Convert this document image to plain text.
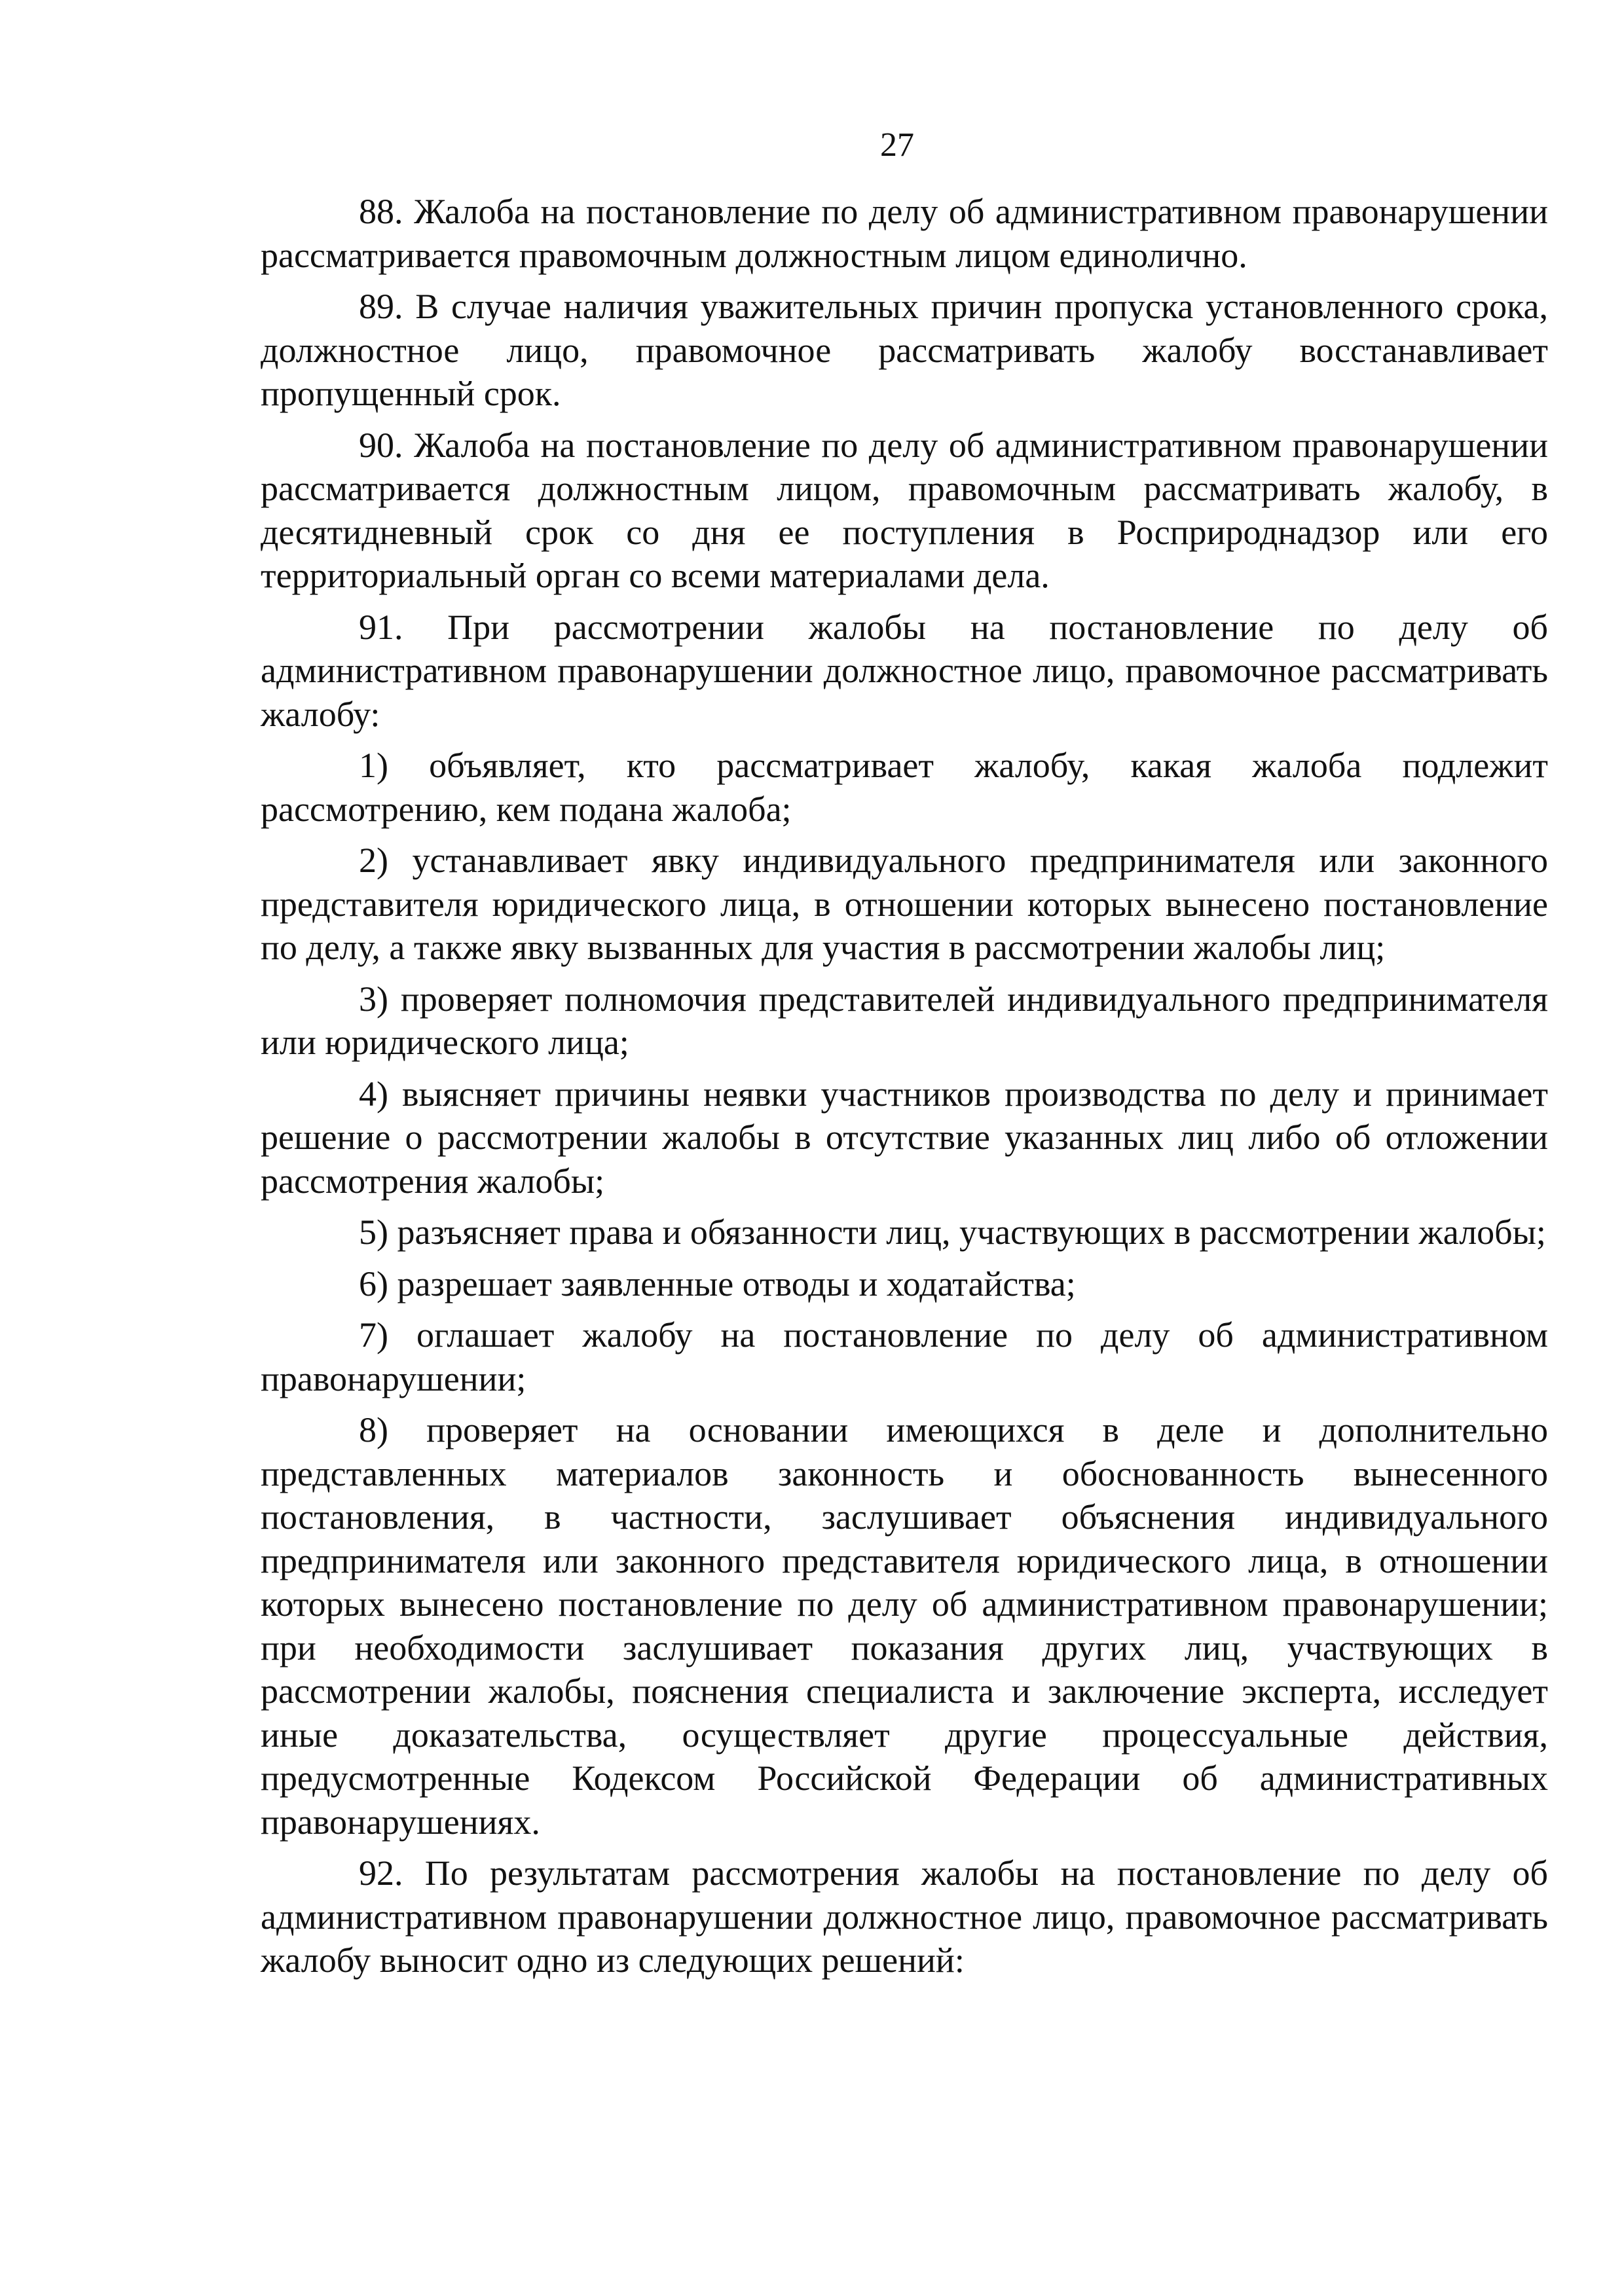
27

88. Жалоба на постановление по делу об административном правонарушении рассматривается правомочным должностным лицом единолично.

89. В случае наличия уважительных причин пропуска установленного срока, должностное лицо, правомочное рассматривать жалобу восстанавливает пропущенный срок.

90. Жалоба на постановление по делу об административном правонарушении рассматривается должностным лицом, правомочным рассматривать жалобу, в десятидневный срок со дня ее поступления в Росприроднадзор или его территориальный орган со всеми материалами дела.

91. При рассмотрении жалобы на постановление по делу об административном правонарушении должностное лицо, правомочное рассматривать жалобу:

1) объявляет, кто рассматривает жалобу, какая жалоба подлежит рассмотрению, кем подана жалоба;

2) устанавливает явку индивидуального предпринимателя или законного представителя юридического лица, в отношении которых вынесено постановление по делу, а также явку вызванных для участия в рассмотрении жалобы лиц;

3) проверяет полномочия представителей индивидуального предпринимателя или юридического лица;

4) выясняет причины неявки участников производства по делу и принимает решение о рассмотрении жалобы в отсутствие указанных лиц либо об отложении рассмотрения жалобы;

5) разъясняет права и обязанности лиц, участвующих в рассмотрении жалобы;

6) разрешает заявленные отводы и ходатайства;

7) оглашает жалобу на постановление по делу об административном правонарушении;

8) проверяет на основании имеющихся в деле и дополнительно представленных материалов законность и обоснованность вынесенного постановления, в частности, заслушивает объяснения индивидуального предпринимателя или законного представителя юридического лица, в отношении которых вынесено постановление по делу об административном правонарушении; при необходимости заслушивает показания других лиц, участвующих в рассмотрении жалобы, пояснения специалиста и заключение эксперта, исследует иные доказательства, осуществляет другие процессуальные действия, предусмотренные Кодексом Российской Федерации об административных правонарушениях.

92. По результатам рассмотрения жалобы на постановление по делу об административном правонарушении должностное лицо, правомочное рассматривать жалобу выносит одно из следующих решений:
